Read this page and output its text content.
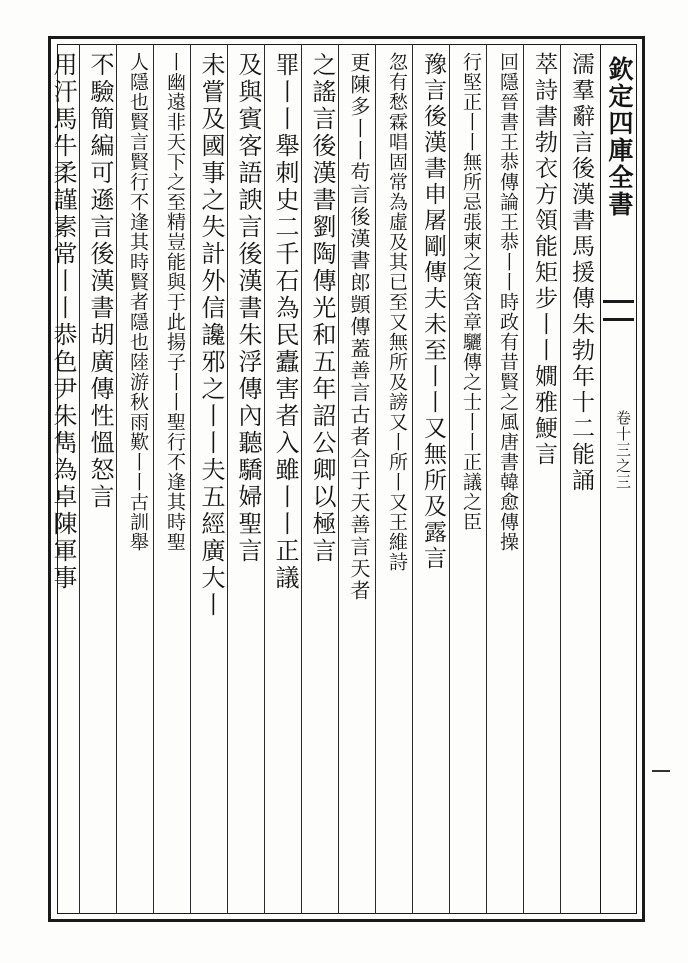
欽定四庫全書
卷十三之三
濡羣辭言後漢書馬援傳朱勃年十二能誦
萃詩書勃衣方領能矩步丨丨嫺雅鯁言
回隱晉書王恭傳論王恭丨丨時政有昔賢之風唐書韓愈傳操
行堅正丨丨無所忌張柬之策含章驪傳之士丨丨正議之臣
豫言後漢書申屠剛傳夫未至丨丨又無所及露言
忽有愁霖唱固常為虛及其已至又無所及謗又丨所丨又王維詩
更陳多丨丨苟言後漢書郎顗傳蓋善言古者合于天善言天者
之謠言後漢書劉陶傳光和五年詔公卿以極言
罪丨丨舉刺史二千石為民蠹害者入雖丨丨正議
及與賓客語諛言後漢書朱浮傳內聽驕婦聖言
未嘗及國事之失計外信讒邪之丨丨夫五經廣大丨
丨幽遠非天下之至精豈能與于此揚子丨丨聖行不逢其時聖
人隱也賢言賢行不逢其時賢者隱也陸游秋雨歎丨丨古訓舉
不驗簡編可遜言後漢書胡廣傳性慍怒言
用汗馬牛柔謹素常丨丨恭色尹朱雋為卓陳軍事
